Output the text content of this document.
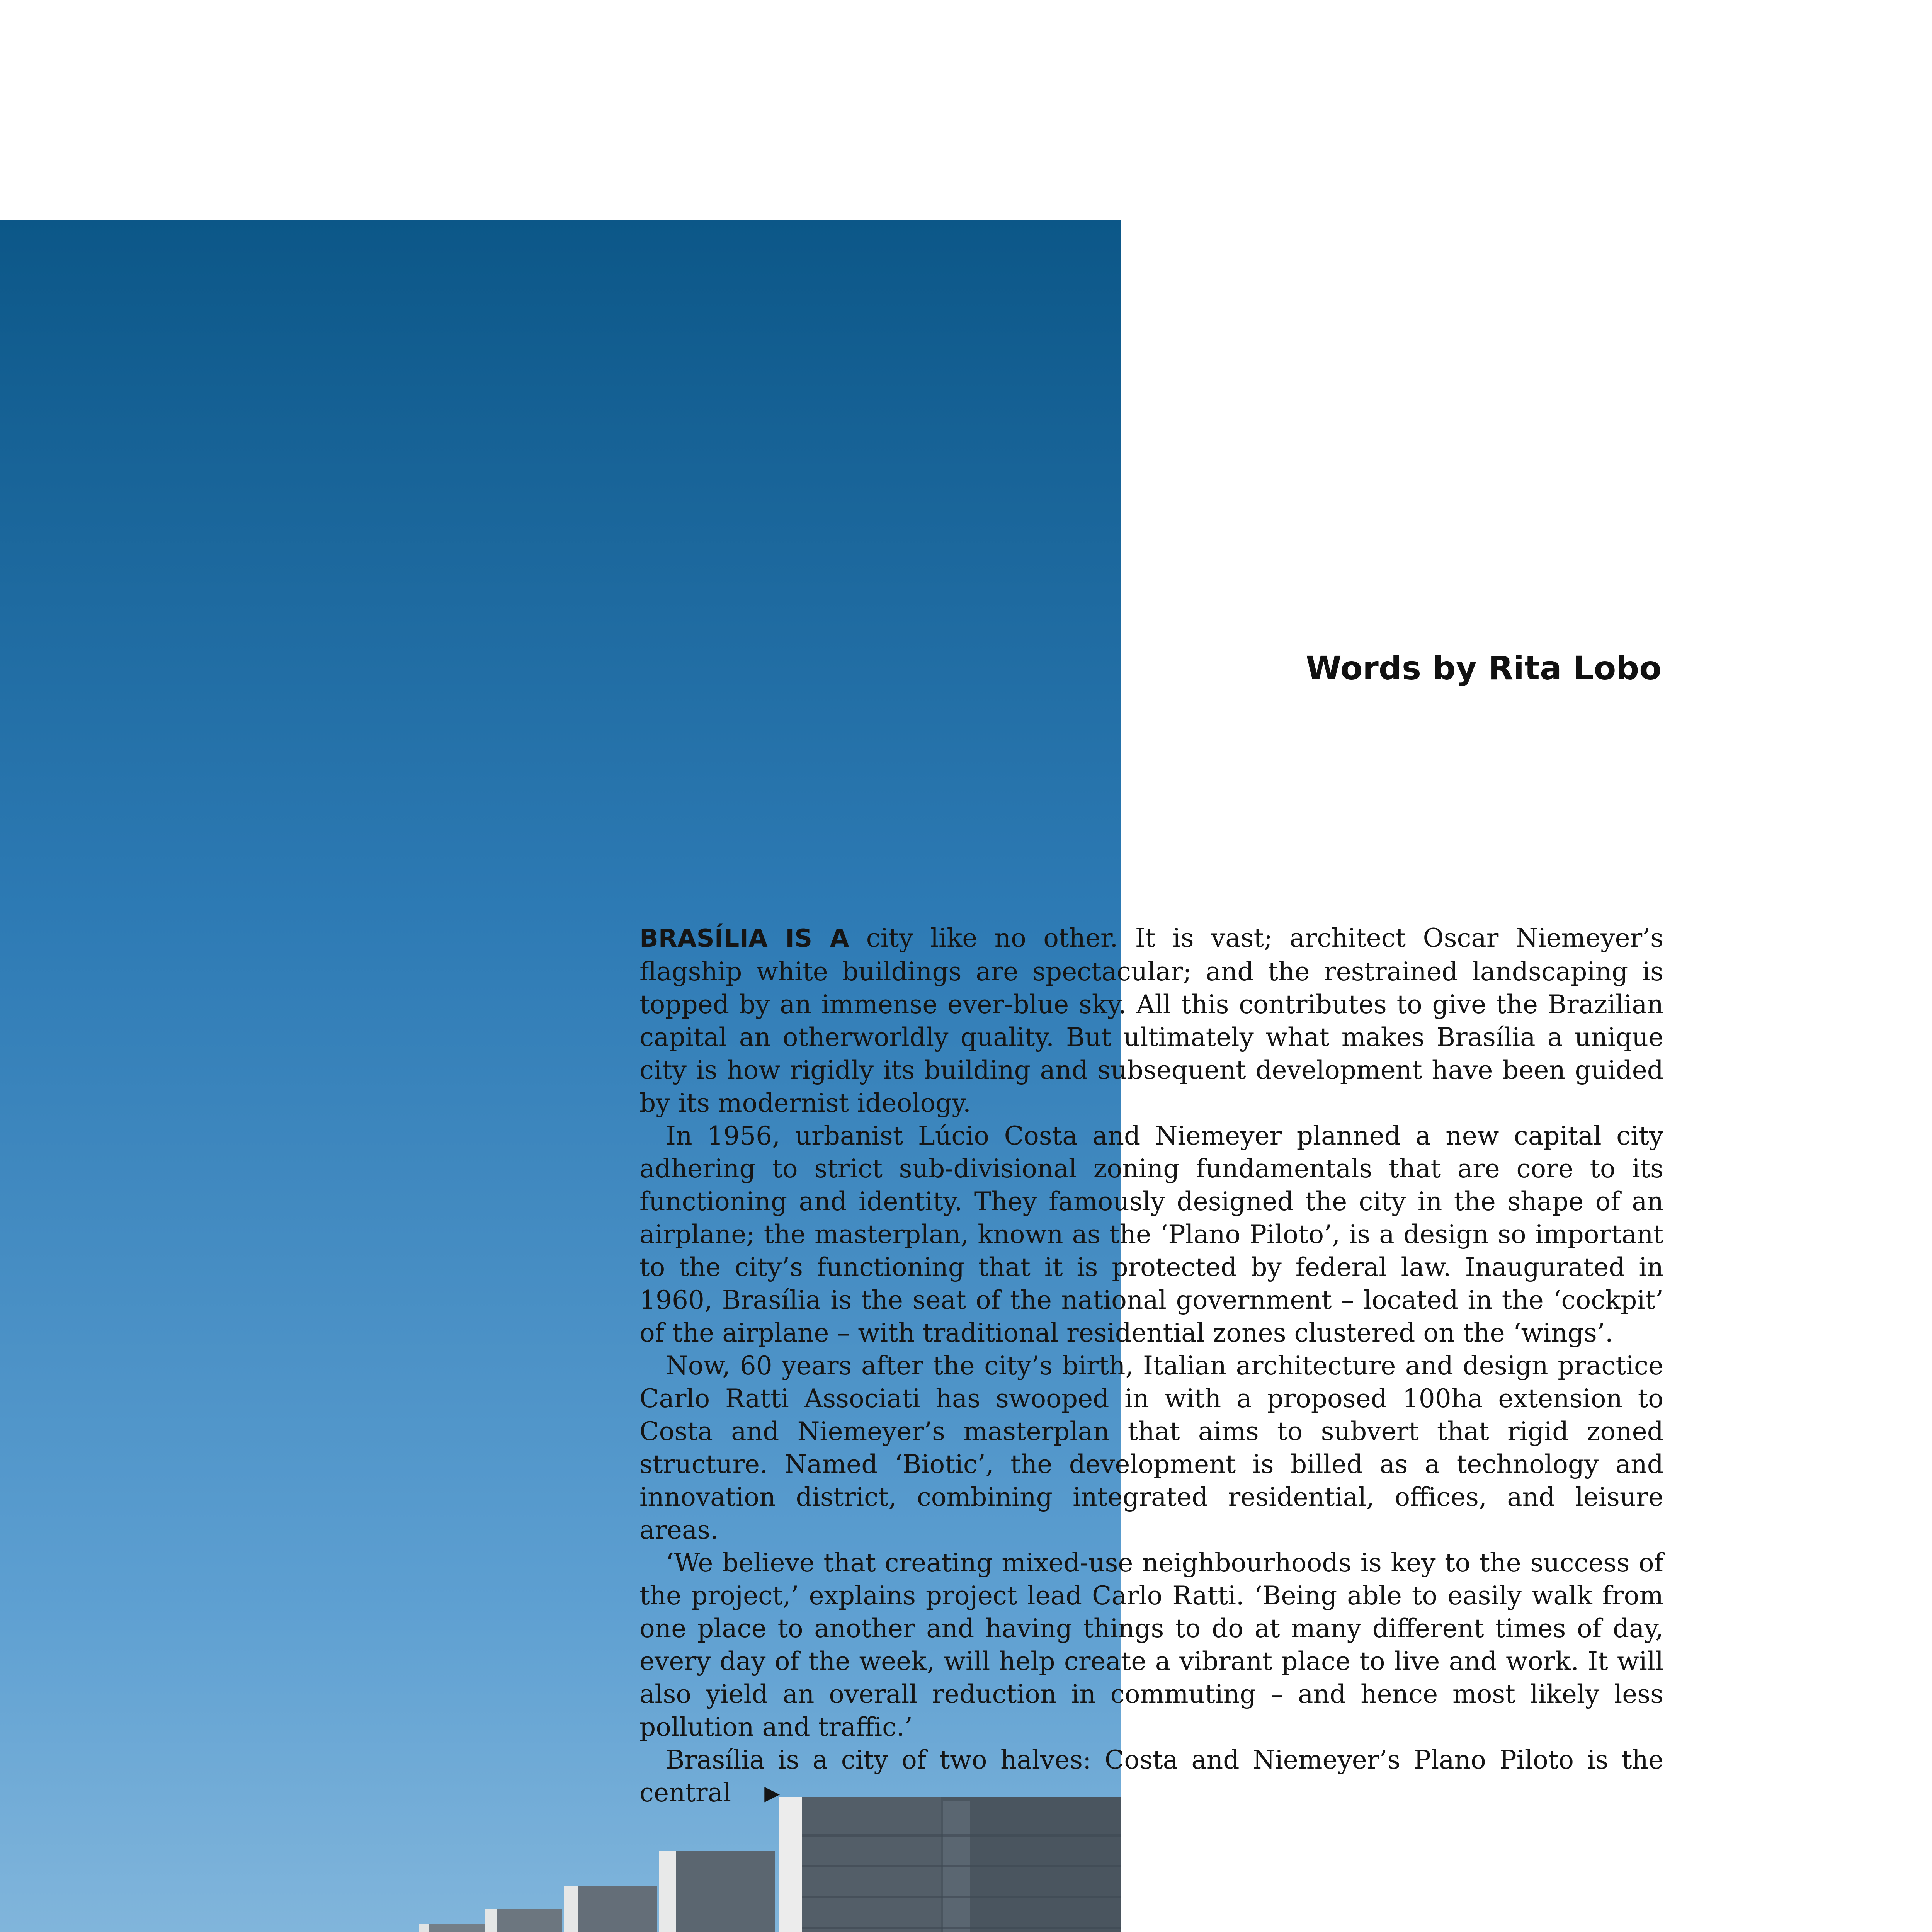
Words by Rita Lobo

BRASÍLIA IS A city like no other. It is vast; architect Oscar Niemeyer’s flagship white buildings are spectacular; and the restrained landscaping is topped by an immense ever-blue sky. All this contributes to give the Brazilian capital an otherworldly quality. But ultimately what makes Brasília a unique city is how rigidly its building and subsequent development have been guided by its modernist ideology.

In 1956, urbanist Lúcio Costa and Niemeyer planned a new capital city adhering to strict sub-divisional zoning fundamentals that are core to its functioning and identity. They famously designed the city in the shape of an airplane; the masterplan, known as the ‘Plano Piloto’, is a design so important to the city’s functioning that it is protected by federal law. Inaugurated in 1960, Brasília is the seat of the national government – located in the ‘cockpit’ of the airplane – with traditional residential zones clustered on the ‘wings’.

Now, 60 years after the city’s birth, Italian architecture and design practice Carlo Ratti Associati has swooped in with a proposed 100ha extension to Costa and Niemeyer’s masterplan that aims to subvert that rigid zoned structure. Named ‘Biotic’, the development is billed as a technology and innovation district, combining integrated residential, offices, and leisure areas.

‘We believe that creating mixed-use neighbourhoods is key to the success of the project,’ explains project lead Carlo Ratti. ‘Being able to easily walk from one place to another and having things to do at many different times of day, every day of the week, will help create a vibrant place to live and work. It will also yield an overall reduction in commuting – and hence most likely less pollution and traffic.’

Brasília is a city of two halves: Costa and Niemeyer’s Plano Piloto is the central ▶
